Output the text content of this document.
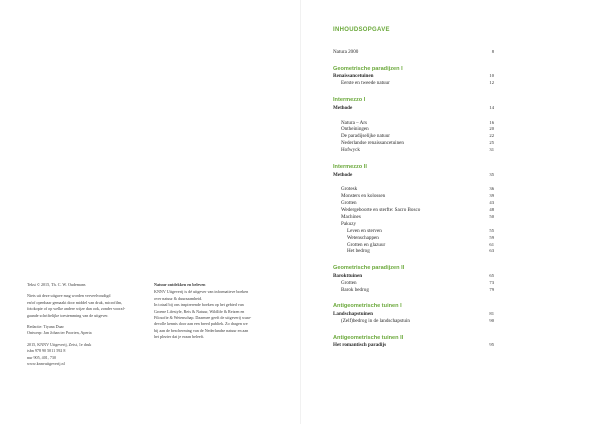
Tekst © 2015, Th. C. W. Oudemans

Niets uit deze uitgave mag worden verveelvoudigd
en/of openbaar gemaakt door middel van druk, microfilm,
fotokopie of op welke andere wijze dan ook, zonder vooraf-
gaande schriftelijke toestemming van de uitgever.

Redactie: Tiyana Duar
Ontwerp: Jan Johan ter Poorten, Aperta

2015, KNNV Uitgeverij, Zeist, 1e druk
isbn 978 90 5011 592 8
nur 905, 401, 730
www.knnvuitgeverij.nl

Natuur ontdekken en beleven
KNNV Uitgeverij is dé uitgever van informatieve boeken
over natuur & duurzaamheid.
In totaal bij ons inspirerende boeken op het gebied van
Groene Lifestyle, Reis & Natuur, Wildlife & Reizen en
Filosofie & Wetenschap. Daarmee geeft de uitgeverij waar-
devolle kennis door aan een breed publiek. Zo dragen we
bij aan de bescherming van de Nederlandse natuur en aan
het plezier dat je eraan beleeft.
INHOUDSOPGAVE
Natura 2000	8
Geometrische paradijzen I
Renaissancetuinen	10
Eerste en tweede natuur	12
Intermezzo I
Methode	14
Natura – Ars	16
Ontheiningen	20
De paradijselijke natuur	22
Nederlandse renaissancetuinen	25
Hofwyck	31
Intermezzo II
Methode	35
Grotesk	36
Monsters en kolossen	39
Grotten	43
Wedergeboorte en sterfte: Sacro Bosco	48
Machines	50
Pakuzy
Leven en sterven	55
Wetenschappen	59
Grotten en glazuur	61
Het bedrog	63
Geometrische paradijzen II
Barokttuinen	65
Grotten	73
Barok bedrog	79
Antigeometrische tuinen I
Landschapstuinen	81
(Zelf)bedrog in de landschapstuin	90
Antigeometrische tuinen II
Het romantisch paradijs	95
